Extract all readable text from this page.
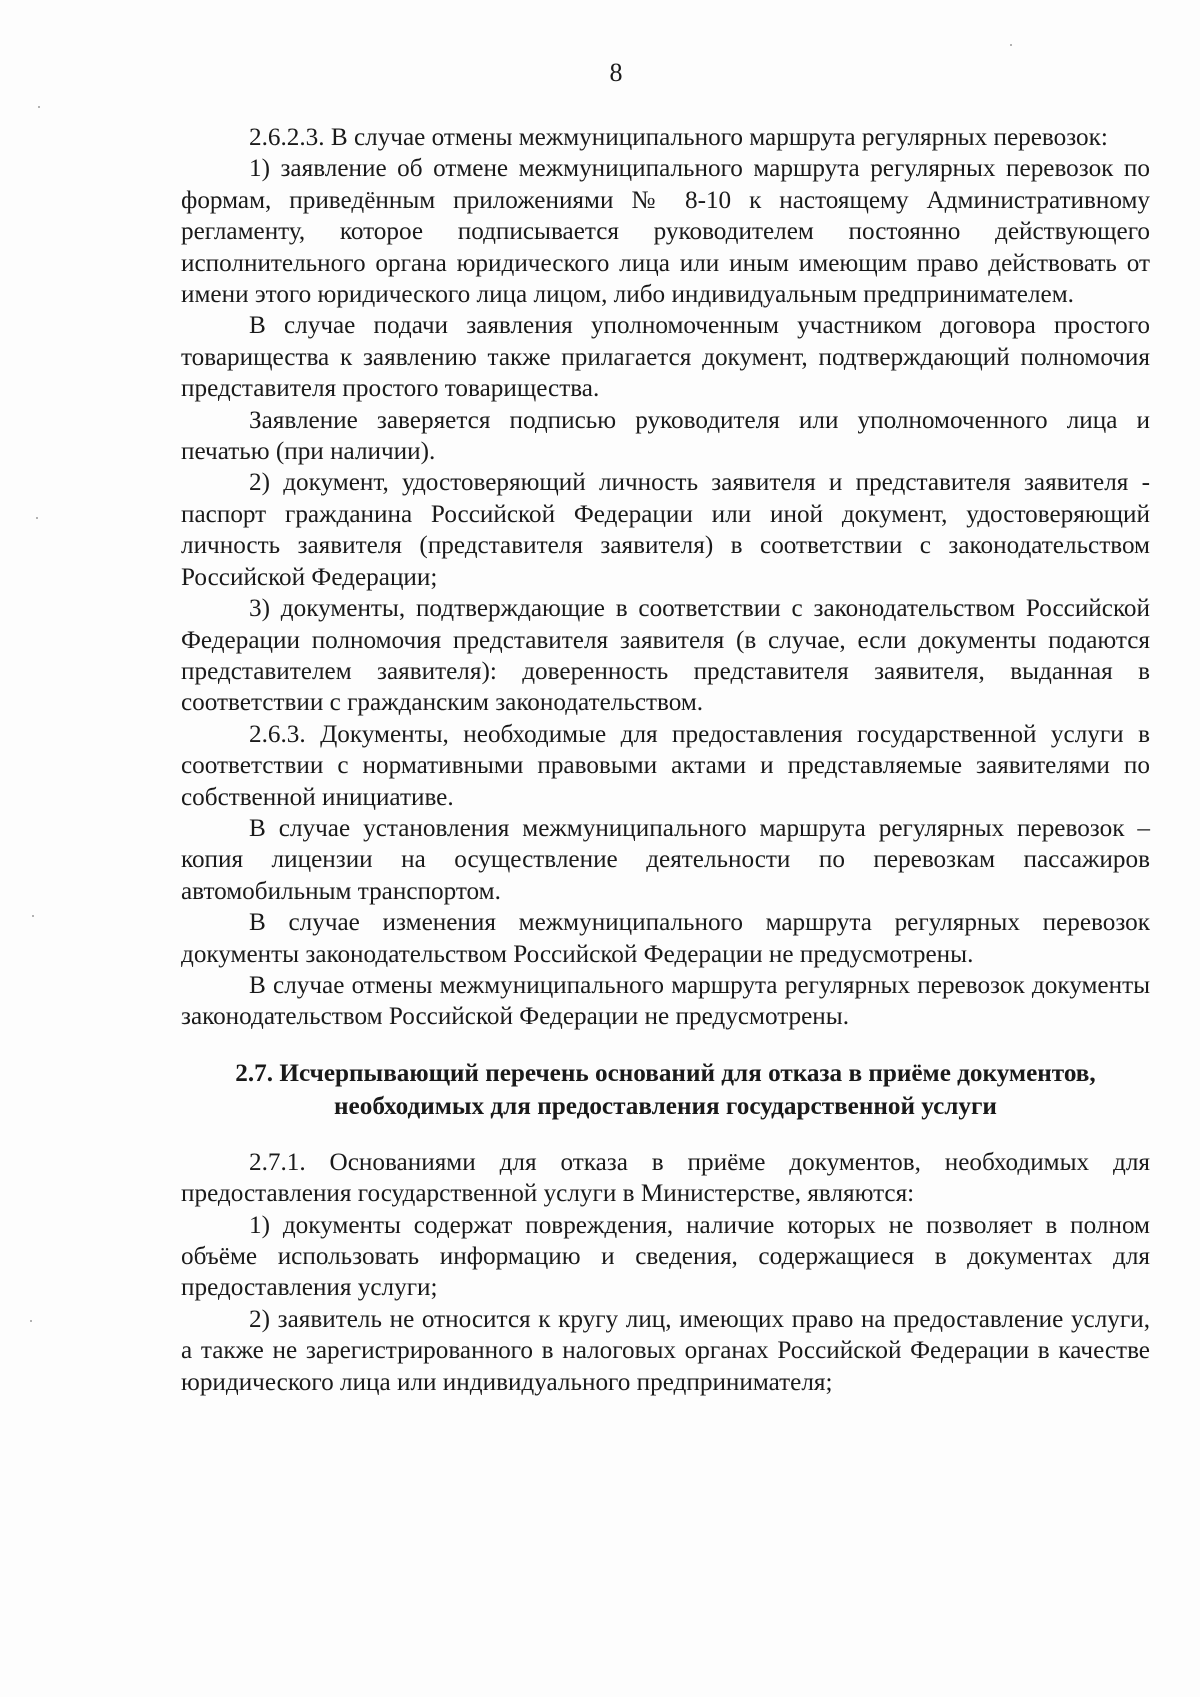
8

2.6.2.3. В случае отмены межмуниципального маршрута регулярных перевозок:

1) заявление об отмене межмуниципального маршрута регулярных перевозок по формам, приведённым приложениями № 8-10 к настоящему Административному регламенту, которое подписывается руководителем постоянно действующего исполнительного органа юридического лица или иным имеющим право действовать от имени этого юридического лица лицом, либо индивидуальным предпринимателем.

В случае подачи заявления уполномоченным участником договора простого товарищества к заявлению также прилагается документ, подтверждающий полномочия представителя простого товарищества.

Заявление заверяется подписью руководителя или уполномоченного лица и печатью (при наличии).

2) документ, удостоверяющий личность заявителя и представителя заявителя - паспорт гражданина Российской Федерации или иной документ, удостоверяющий личность заявителя (представителя заявителя) в соответствии с законодательством Российской Федерации;

3) документы, подтверждающие в соответствии с законодательством Российской Федерации полномочия представителя заявителя (в случае, если документы подаются представителем заявителя): доверенность представителя заявителя, выданная в соответствии с гражданским законодательством.

2.6.3. Документы, необходимые для предоставления государственной услуги в соответствии с нормативными правовыми актами и представляемые заявителями по собственной инициативе.

В случае установления межмуниципального маршрута регулярных перевозок – копия лицензии на осуществление деятельности по перевозкам пассажиров автомобильным транспортом.

В случае изменения межмуниципального маршрута регулярных перевозок документы законодательством Российской Федерации не предусмотрены.

В случае отмены межмуниципального маршрута регулярных перевозок документы законодательством Российской Федерации не предусмотрены.

2.7. Исчерпывающий перечень оснований для отказа в приёме документов,
необходимых для предоставления государственной услуги

2.7.1. Основаниями для отказа в приёме документов, необходимых для предоставления государственной услуги в Министерстве, являются:

1) документы содержат повреждения, наличие которых не позволяет в полном объёме использовать информацию и сведения, содержащиеся в документах для предоставления услуги;

2) заявитель не относится к кругу лиц, имеющих право на предоставление услуги, а также не зарегистрированного в налоговых органах Российской Федерации в качестве юридического лица или индивидуального предпринимателя;
